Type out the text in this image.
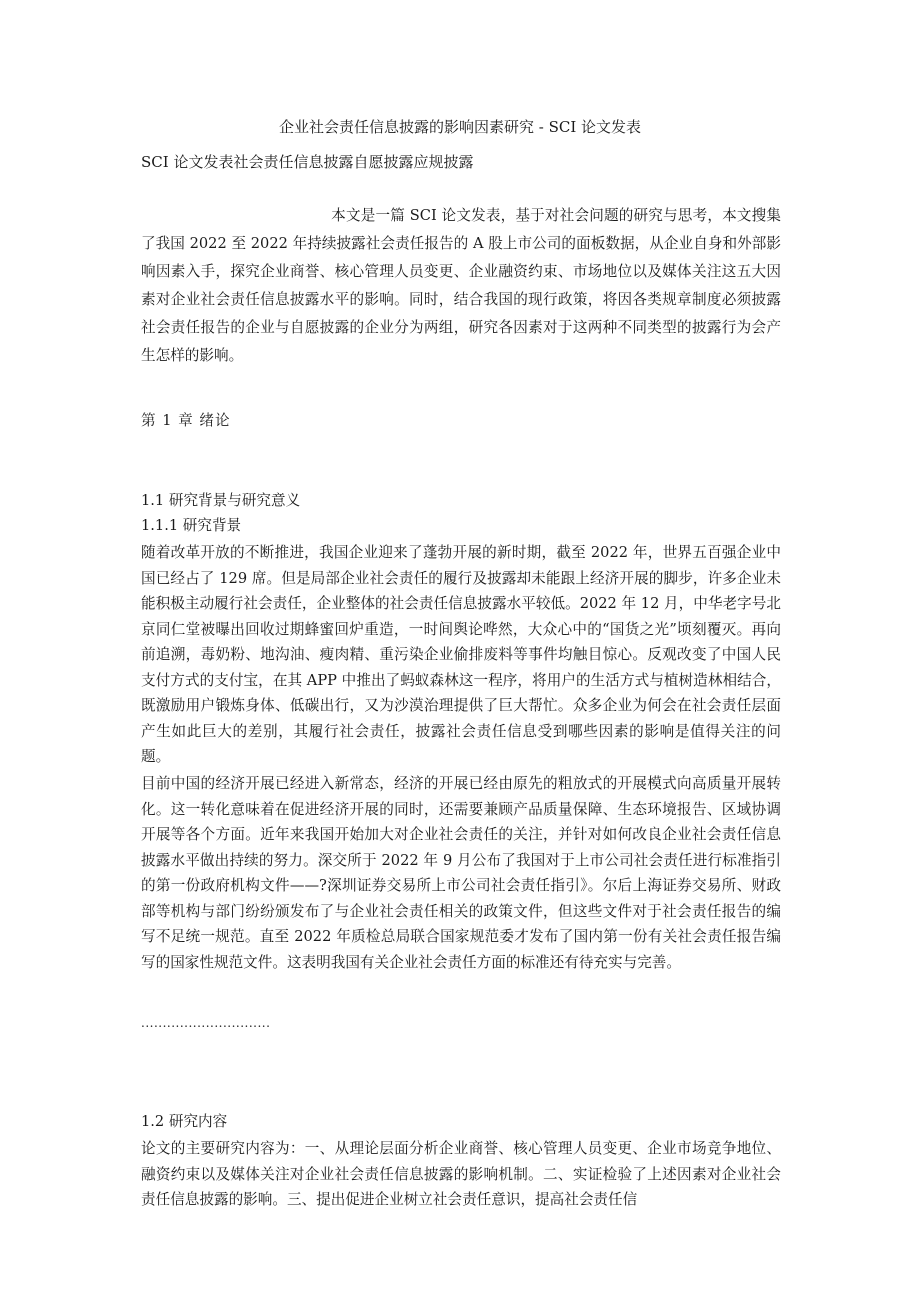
企业社会责任信息披露的影响因素研究 - SCI 论文发表
SCI 论文发表社会责任信息披露自愿披露应规披露

本文是一篇 SCI 论文发表，基于对社会问题的研究与思考，本文搜集了我国 2022 至 2022 年持续披露社会责任报告的 A 股上市公司的面板数据，从企业自身和外部影响因素入手，探究企业商誉、核心管理人员变更、企业融资约束、市场地位以及媒体关注这五大因素对企业社会责任信息披露水平的影响。同时，结合我国的现行政策，将因各类规章制度必须披露社会责任报告的企业与自愿披露的企业分为两组，研究各因素对于这两种不同类型的披露行为会产生怎样的影响。

第 1 章 绪论
1.1 研究背景与研究意义
1.1.1 研究背景

随着改革开放的不断推进，我国企业迎来了蓬勃开展的新时期，截至 2022 年，世界五百强企业中国已经占了 129 席。但是局部企业社会责任的履行及披露却未能跟上经济开展的脚步，许多企业未能积极主动履行社会责任，企业整体的社会责任信息披露水平较低。2022 年 12 月，中华老字号北京同仁堂被曝出回收过期蜂蜜回炉重造，一时间舆论哗然，大众心中的“国货之光”顷刻覆灭。再向前追溯，毒奶粉、地沟油、瘦肉精、重污染企业偷排废料等事件均触目惊心。反观改变了中国人民支付方式的支付宝，在其 APP 中推出了蚂蚁森林这一程序，将用户的生活方式与植树造林相结合，既激励用户锻炼身体、低碳出行，又为沙漠治理提供了巨大帮忙。众多企业为何会在社会责任层面产生如此巨大的差别，其履行社会责任，披露社会责任信息受到哪些因素的影响是值得关注的问题。

目前中国的经济开展已经进入新常态，经济的开展已经由原先的粗放式的开展模式向高质量开展转化。这一转化意味着在促进经济开展的同时，还需要兼顾产品质量保障、生态环境报告、区域协调开展等各个方面。近年来我国开始加大对企业社会责任的关注，并针对如何改良企业社会责任信息披露水平做出持续的努力。深交所于 2022 年 9 月公布了我国对于上市公司社会责任进行标准指引的第一份政府机构文件——?深圳证券交易所上市公司社会责任指引》。尔后上海证券交易所、财政部等机构与部门纷纷颁发布了与企业社会责任相关的政策文件，但这些文件对于社会责任报告的编写不足统一规范。直至 2022 年质检总局联合国家规范委才发布了国内第一份有关社会责任报告编写的国家性规范文件。这表明我国有关企业社会责任方面的标准还有待充实与完善。

..............................
1.2 研究内容

论文的主要研究内容为：一、从理论层面分析企业商誉、核心管理人员变更、企业市场竞争地位、融资约束以及媒体关注对企业社会责任信息披露的影响机制。二、实证检验了上述因素对企业社会责任信息披露的影响。三、提出促进企业树立社会责任意识，提高社会责任信
